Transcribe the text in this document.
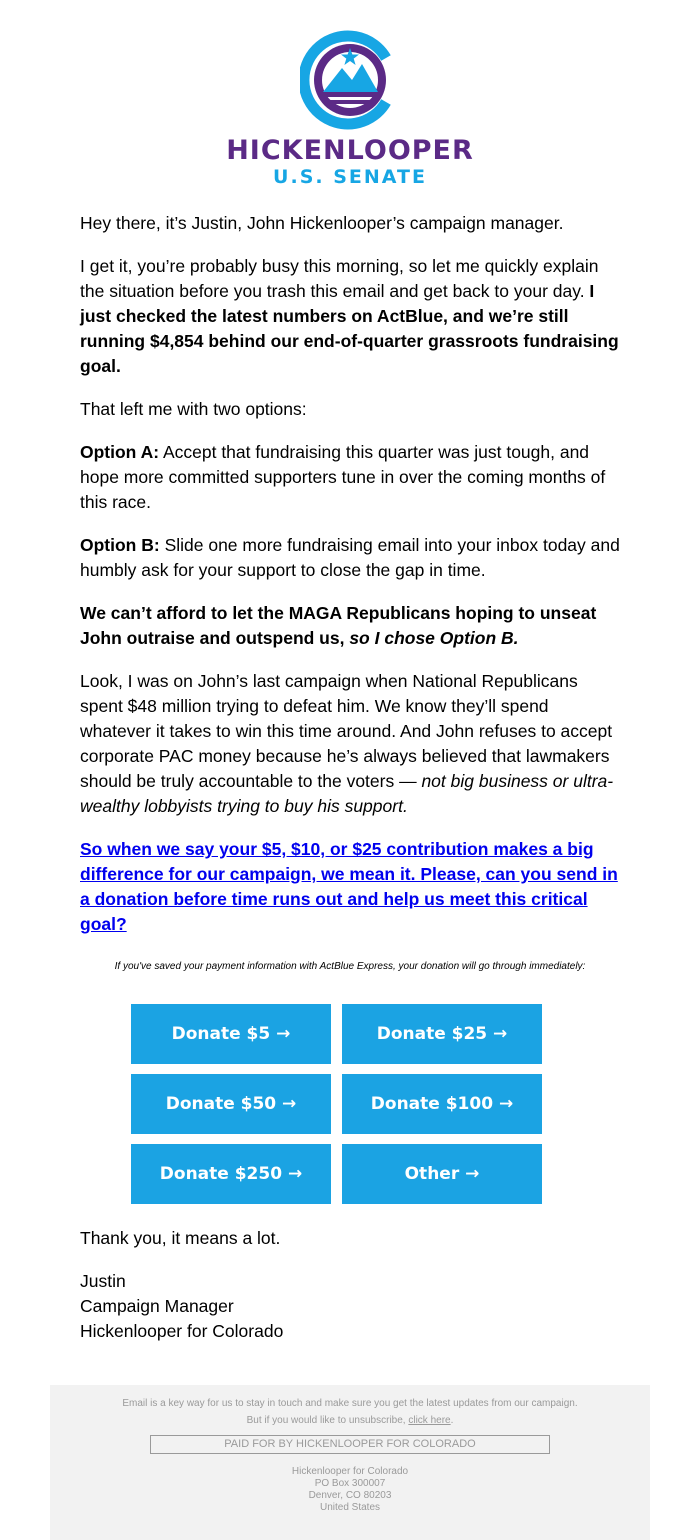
HICKENLOOPER
U.S. SENATE

Hey there, it’s Justin, John Hickenlooper’s campaign manager.

I get it, you’re probably busy this morning, so let me quickly explain the situation before you trash this email and get back to your day. I just checked the latest numbers on ActBlue, and we’re still running $4,854 behind our end-of-quarter grassroots fundraising goal.

That left me with two options:

Option A: Accept that fundraising this quarter was just tough, and hope more committed supporters tune in over the coming months of this race.

Option B: Slide one more fundraising email into your inbox today and humbly ask for your support to close the gap in time.

We can’t afford to let the MAGA Republicans hoping to unseat John outraise and outspend us, so I chose Option B.

Look, I was on John’s last campaign when National Republicans spent $48 million trying to defeat him. We know they’ll spend whatever it takes to win this time around. And John refuses to accept corporate PAC money because he’s always believed that lawmakers should be truly accountable to the voters — not big business or ultra-wealthy lobbyists trying to buy his support.

So when we say your $5, $10, or $25 contribution makes a big difference for our campaign, we mean it. Please, can you send in a donation before time runs out and help us meet this critical goal?

If you've saved your payment information with ActBlue Express, your donation will go through immediately:
Donate $5 →	Donate $25 →
Donate $50 →	Donate $100 →
Donate $250 →	Other →

Thank you, it means a lot.

Justin
Campaign Manager
Hickenlooper for Colorado
Email is a key way for us to stay in touch and make sure you get the latest updates from our campaign.
But if you would like to unsubscribe, click here.
PAID FOR BY HICKENLOOPER FOR COLORADO
Hickenlooper for Colorado
PO Box 300007
Denver, CO 80203
United States
